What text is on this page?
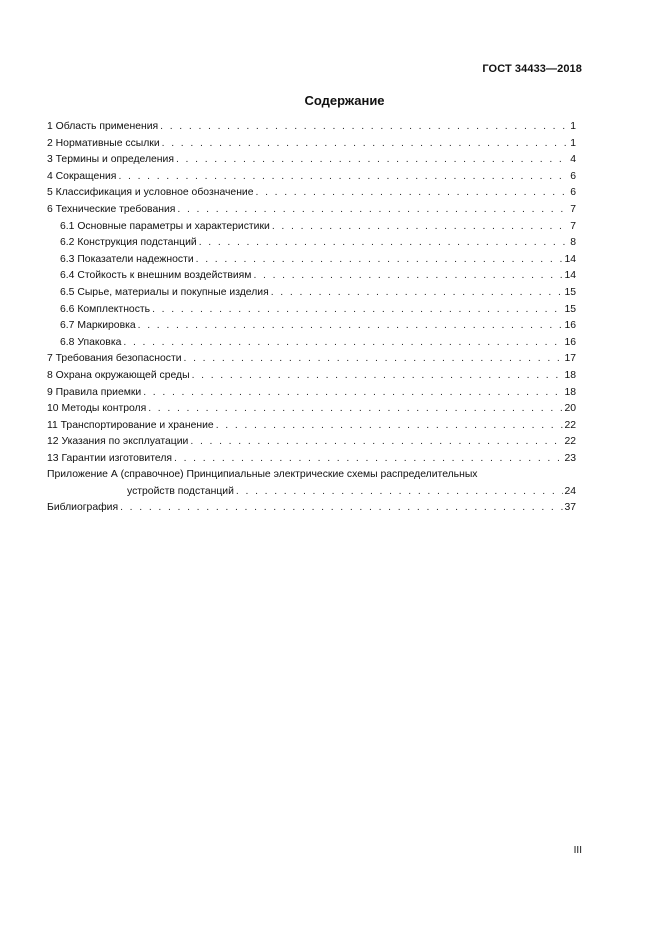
ГОСТ 34433—2018
Содержание
1 Область применения . . .	1
2 Нормативные ссылки . . .	1
3 Термины и определения . . .	4
4 Сокращения . . .	6
5 Классификация и условное обозначение . . .	6
6 Технические требования . . .	7
6.1 Основные параметры и характеристики . . .	7
6.2 Конструкция подстанций . . .	8
6.3 Показатели надежности . . .	14
6.4 Стойкость к внешним воздействиям . . .	14
6.5 Сырье, материалы и покупные изделия . . .	15
6.6 Комплектность . . .	15
6.7 Маркировка . . .	16
6.8 Упаковка . . .	16
7 Требования безопасности . . .	17
8 Охрана окружающей среды . . .	18
9 Правила приемки . . .	18
10 Методы контроля . . .	20
11 Транспортирование и хранение . . .	22
12 Указания по эксплуатации . . .	22
13 Гарантии изготовителя . . .	23
Приложение А (справочное) Принципиальные электрические схемы распределительных
устройств подстанций . . .	24
Библиография . . .	37
III
